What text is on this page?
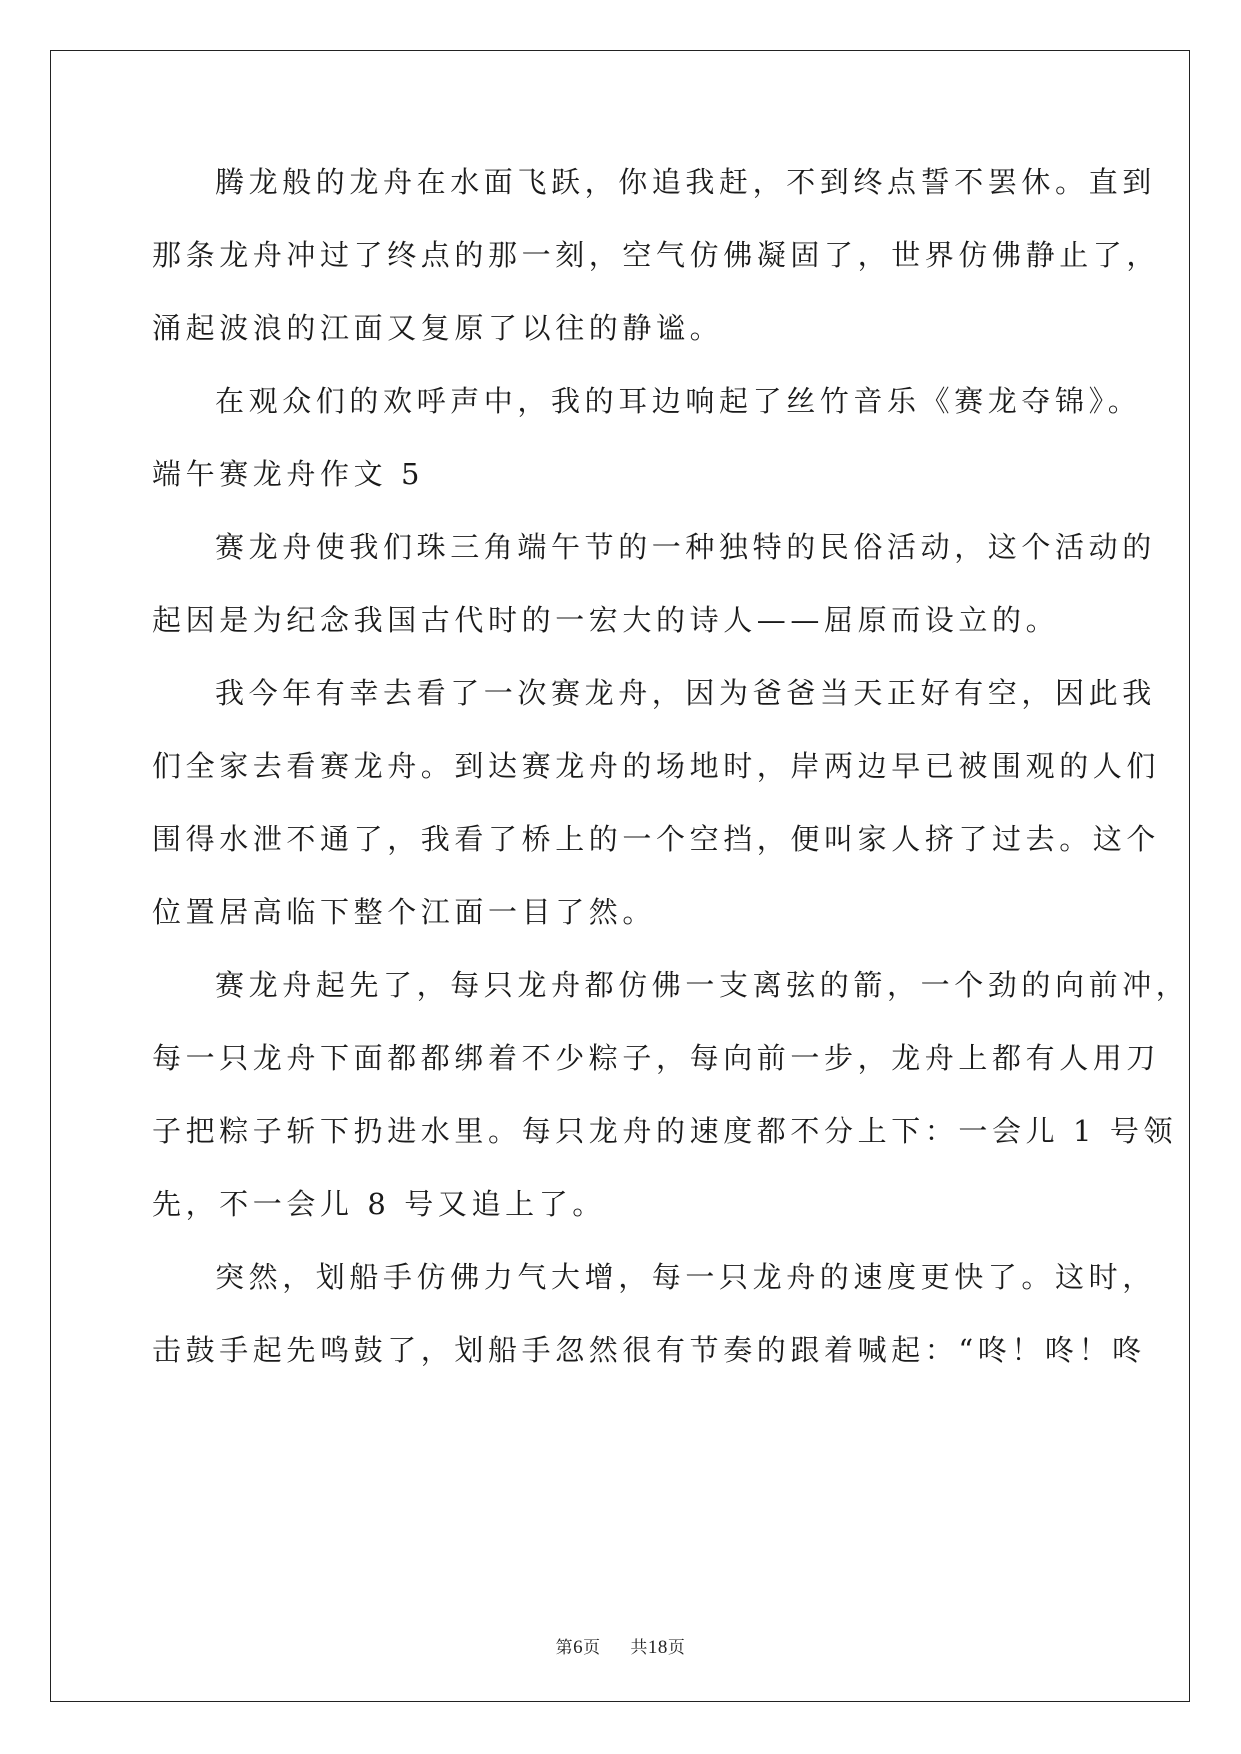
腾龙般的龙舟在水面飞跃，你追我赶，不到终点誓不罢休。直到
那条龙舟冲过了终点的那一刻，空气仿佛凝固了，世界仿佛静止了，
涌起波浪的江面又复原了以往的静谧。
在观众们的欢呼声中，我的耳边响起了丝竹音乐《赛龙夺锦》。
端午赛龙舟作文 5
赛龙舟使我们珠三角端午节的一种独特的民俗活动，这个活动的
起因是为纪念我国古代时的一宏大的诗人——屈原而设立的。
我今年有幸去看了一次赛龙舟，因为爸爸当天正好有空，因此我
们全家去看赛龙舟。到达赛龙舟的场地时，岸两边早已被围观的人们
围得水泄不通了，我看了桥上的一个空挡，便叫家人挤了过去。这个
位置居高临下整个江面一目了然。
赛龙舟起先了，每只龙舟都仿佛一支离弦的箭，一个劲的向前冲，
每一只龙舟下面都都绑着不少粽子，每向前一步，龙舟上都有人用刀
子把粽子斩下扔进水里。每只龙舟的速度都不分上下：一会儿 1 号领
先，不一会儿 8 号又追上了。
突然，划船手仿佛力气大增，每一只龙舟的速度更快了。这时，
击鼓手起先鸣鼓了，划船手忽然很有节奏的跟着喊起：“咚！咚！咚
第6页 共18页
